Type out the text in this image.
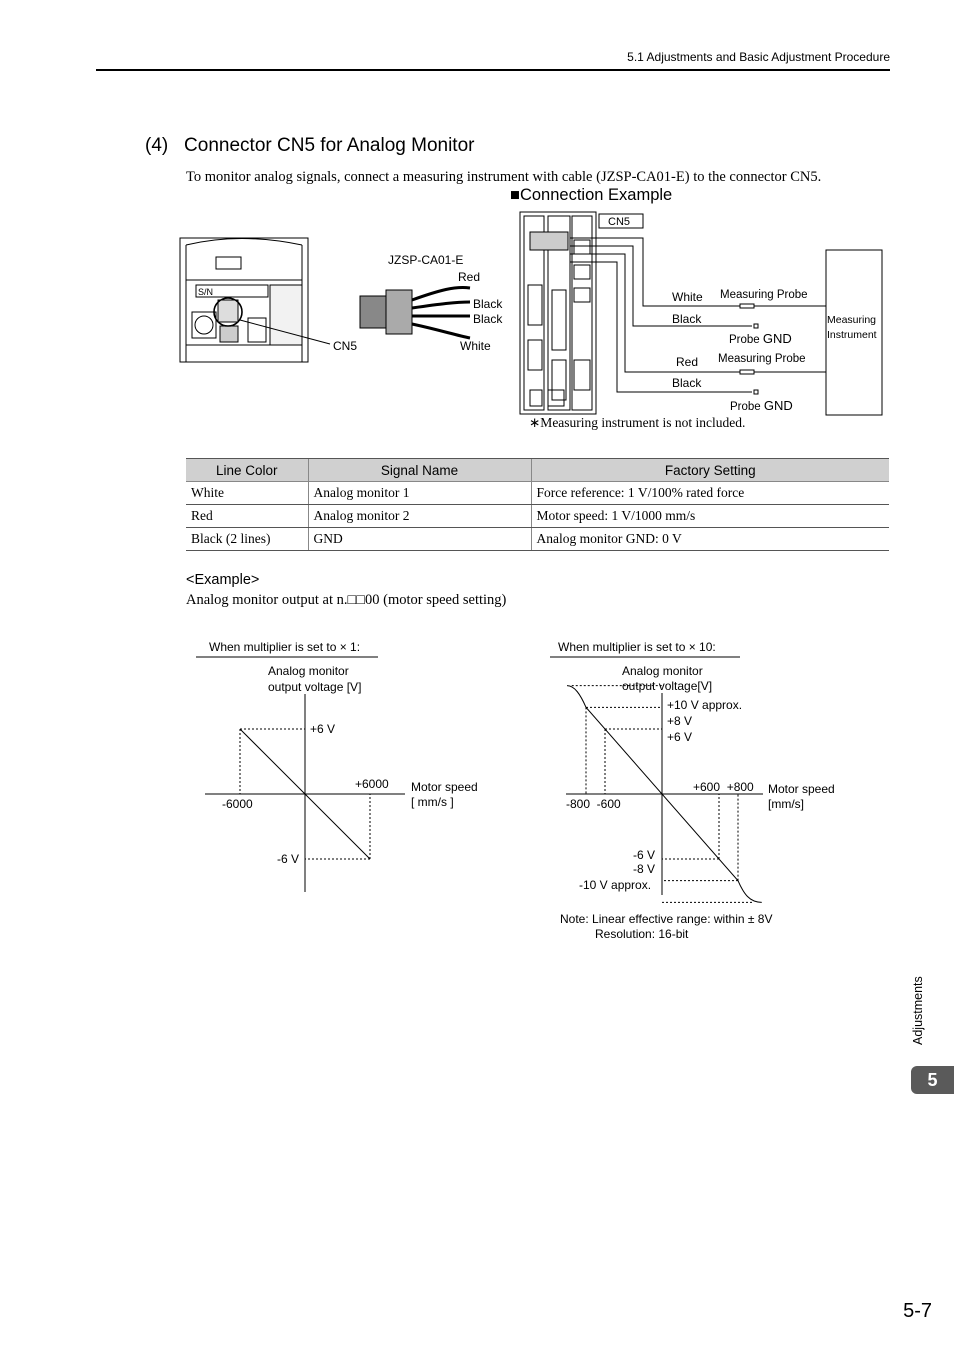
5.1 Adjustments and Basic Adjustment Procedure
(4)   Connector CN5 for Analog Monitor
To monitor analog signals, connect a measuring instrument with cable (JZSP-CA01-E) to the connector CN5.
■Connection Example
S/N
CN5
JZSP-CA01-E
Red
Black
Black
White
CN5
White
Black
Red
Black
Measuring Probe
Measuring Probe
Probe GND
Probe GND
Measuring
Instrument
∗Measuring instrument is not included.
Line Color	Signal Name	Factory Setting
White	Analog monitor 1	Force reference: 1 V/100% rated force
Red	Analog monitor 2	Motor speed: 1 V/1000 mm/s
Black (2 lines)	GND	Analog monitor GND: 0 V
<Example>
Analog monitor output at n.□□00 (motor speed setting)
When multiplier is set to × 1:
Analog monitor
output voltage [V]
+6 V
-6 V
-6000
+6000 Motor speed
[ mm/s ]
When multiplier is set to × 10:
Analog monitor
output voltage[V]
+10 V approx.
+8 V
+6 V
-6 V
-8 V
-10 V approx.
-800  -600
+600  +800 Motor speed
[mm/s]
Note: Linear effective range: within ± 8V
Resolution: 16-bit
Adjustments
5
5-7
